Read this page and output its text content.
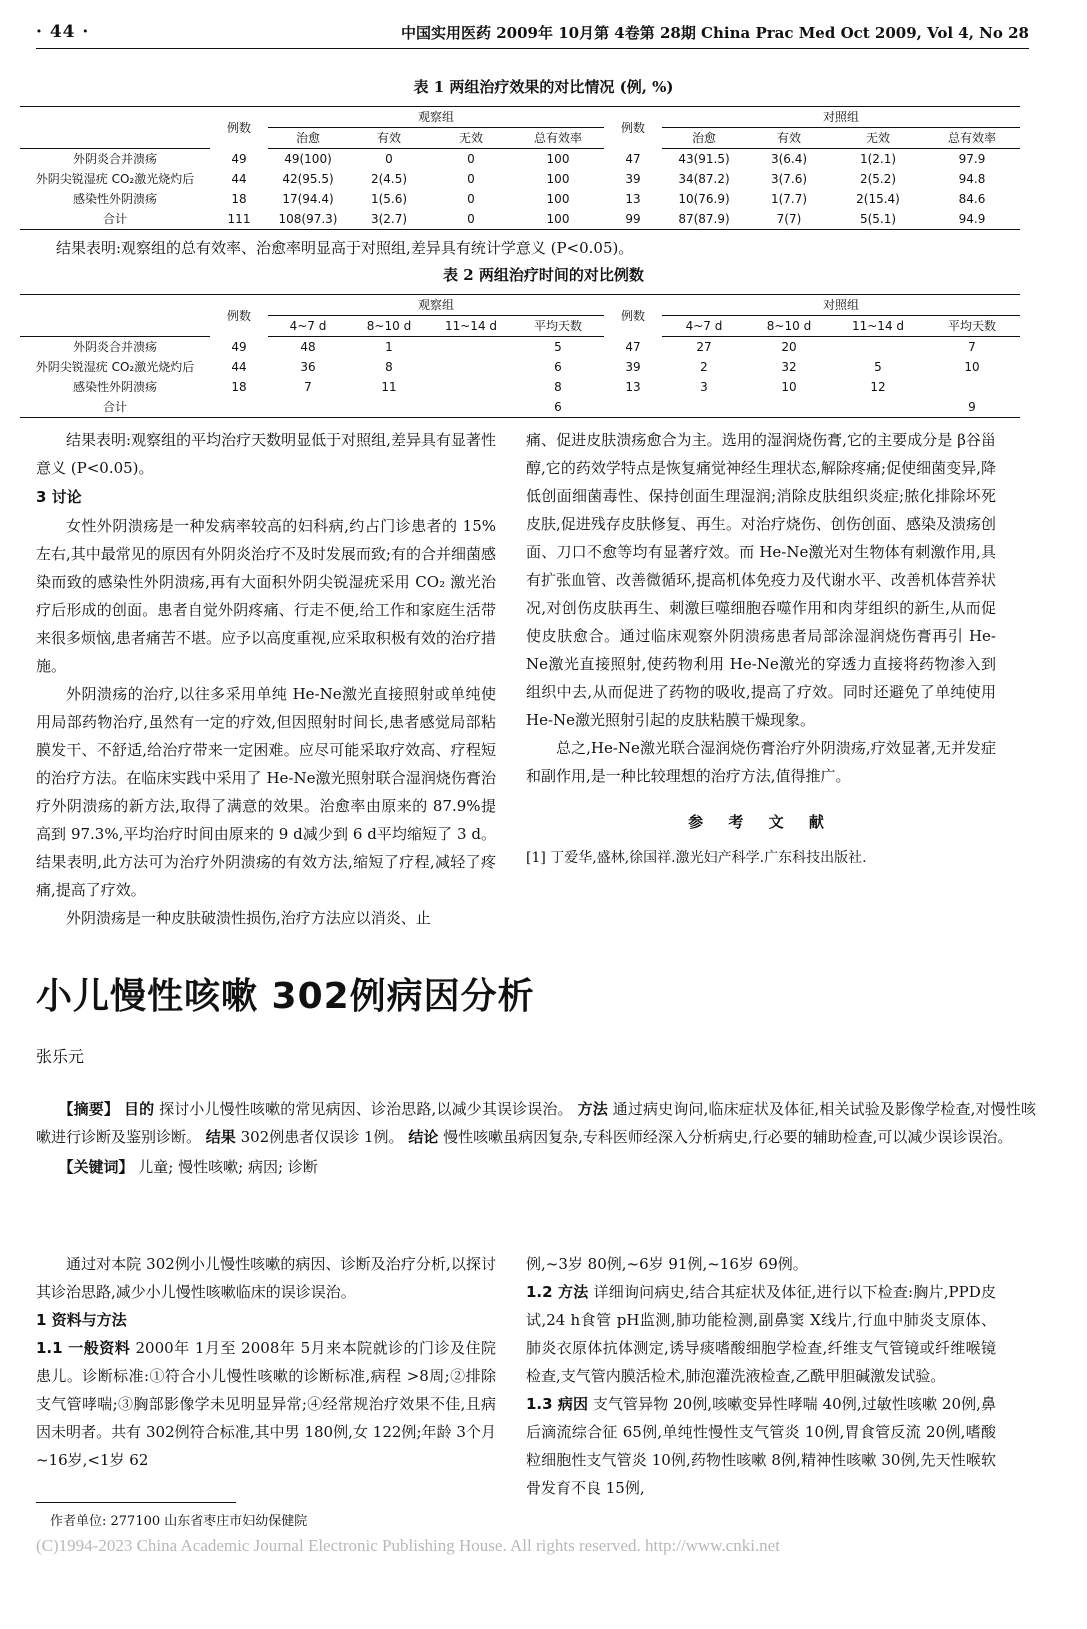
· 44 ·	中国实用医药 2009年 10月第 4卷第 28期 China Prac Med Oct 2009, Vol 4, No 28
表 1 两组治疗效果的对比情况 (例, %)
	例数	观察组				例数	对照组			
		治愈	有效	无效	总有效率		治愈	有效	无效	总有效率
外阴炎合并溃疡	49	49(100)	0	0	100	47	43(91.5)	3(6.4)	1(2.1)	97.9
外阴尖锐湿疣 CO₂激光烧灼后	44	42(95.5)	2(4.5)	0	100	39	34(87.2)	3(7.6)	2(5.2)	94.8
感染性外阴溃疡	18	17(94.4)	1(5.6)	0	100	13	10(76.9)	1(7.7)	2(15.4)	84.6
合计	111	108(97.3)	3(2.7)	0	100	99	87(87.9)	7(7)	5(5.1)	94.9

结果表明:观察组的总有效率、治愈率明显高于对照组,差异具有统计学意义 (P<0.05)。

表 2 两组治疗时间的对比例数
	例数	观察组				例数	对照组			
		4~7 d	8~10 d	11~14 d	平均天数		4~7 d	8~10 d	11~14 d	平均天数
外阴炎合并溃疡	49	48	1		5	47	27	20		7
外阴尖锐湿疣 CO₂激光烧灼后	44	36	8		6	39	2	32	5	10
感染性外阴溃疡	18	7	11		8	13	3	10	12	
合计					6					9

结果表明:观察组的平均治疗天数明显低于对照组,差异具有显著性意义 (P<0.05)。

3 讨论

女性外阴溃疡是一种发病率较高的妇科病,约占门诊患者的 15%左右,其中最常见的原因有外阴炎治疗不及时发展而致;有的合并细菌感染而致的感染性外阴溃疡,再有大面积外阴尖锐湿疣采用 CO₂ 激光治疗后形成的创面。患者自觉外阴疼痛、行走不便,给工作和家庭生活带来很多烦恼,患者痛苦不堪。应予以高度重视,应采取积极有效的治疗措施。

外阴溃疡的治疗,以往多采用单纯 He-Ne激光直接照射或单纯使用局部药物治疗,虽然有一定的疗效,但因照射时间长,患者感觉局部粘膜发干、不舒适,给治疗带来一定困难。应尽可能采取疗效高、疗程短的治疗方法。在临床实践中采用了 He-Ne激光照射联合湿润烧伤膏治疗外阴溃疡的新方法,取得了满意的效果。治愈率由原来的 87.9%提高到 97.3%,平均治疗时间由原来的 9 d减少到 6 d平均缩短了 3 d。结果表明,此方法可为治疗外阴溃疡的有效方法,缩短了疗程,减轻了疼痛,提高了疗效。

外阴溃疡是一种皮肤破溃性损伤,治疗方法应以消炎、止

痛、促进皮肤溃疡愈合为主。选用的湿润烧伤膏,它的主要成分是 β谷甾醇,它的药效学特点是恢复痛觉神经生理状态,解除疼痛;促使细菌变异,降低创面细菌毒性、保持创面生理湿润;消除皮肤组织炎症;脓化排除坏死皮肤,促进残存皮肤修复、再生。对治疗烧伤、创伤创面、感染及溃疡创面、刀口不愈等均有显著疗效。而 He-Ne激光对生物体有刺激作用,具有扩张血管、改善微循环,提高机体免疫力及代谢水平、改善机体营养状况,对创伤皮肤再生、刺激巨噬细胞吞噬作用和肉芽组织的新生,从而促使皮肤愈合。通过临床观察外阴溃疡患者局部涂湿润烧伤膏再引 He-Ne激光直接照射,使药物利用 He-Ne激光的穿透力直接将药物渗入到组织中去,从而促进了药物的吸收,提高了疗效。同时还避免了单纯使用 He-Ne激光照射引起的皮肤粘膜干燥现象。

总之,He-Ne激光联合湿润烧伤膏治疗外阴溃疡,疗效显著,无并发症和副作用,是一种比较理想的治疗方法,值得推广。

参 考 文 献

[1] 丁爱华,盛林,徐国祥.激光妇产科学.广东科技出版社.

小儿慢性咳嗽 302例病因分析
张乐元

【摘要】 目的 探讨小儿慢性咳嗽的常见病因、诊治思路,以减少其误诊误治。 方法 通过病史询问,临床症状及体征,相关试验及影像学检查,对慢性咳嗽进行诊断及鉴别诊断。 结果 302例患者仅误诊 1例。 结论 慢性咳嗽虽病因复杂,专科医师经深入分析病史,行必要的辅助检查,可以减少误诊误治。

【关键词】 儿童; 慢性咳嗽; 病因; 诊断

通过对本院 302例小儿慢性咳嗽的病因、诊断及治疗分析,以探讨其诊治思路,减少小儿慢性咳嗽临床的误诊误治。

1 资料与方法

1.1 一般资料 2000年 1月至 2008年 5月来本院就诊的门诊及住院患儿。诊断标准:①符合小儿慢性咳嗽的诊断标准,病程 >8周;②排除支气管哮喘;③胸部影像学未见明显异常;④经常规治疗效果不佳,且病因未明者。共有 302例符合标准,其中男 180例,女 122例;年龄 3个月 ~16岁,<1岁 62

例,~3岁 80例,~6岁 91例,~16岁 69例。

1.2 方法 详细询问病史,结合其症状及体征,进行以下检查:胸片,PPD皮试,24 h食管 pH监测,肺功能检测,副鼻窦 X线片,行血中肺炎支原体、肺炎衣原体抗体测定,诱导痰嗜酸细胞学检查,纤维支气管镜或纤维喉镜检查,支气管内膜活检术,肺泡灌洗液检查,乙酰甲胆碱激发试验。

1.3 病因 支气管异物 20例,咳嗽变异性哮喘 40例,过敏性咳嗽 20例,鼻后滴流综合征 65例,单纯性慢性支气管炎 10例,胃食管反流 20例,嗜酸粒细胞性支气管炎 10例,药物性咳嗽 8例,精神性咳嗽 30例,先天性喉软骨发育不良 15例,

作者单位: 277100 山东省枣庄市妇幼保健院
(C)1994-2023 China Academic Journal Electronic Publishing House. All rights reserved. http://www.cnki.net
